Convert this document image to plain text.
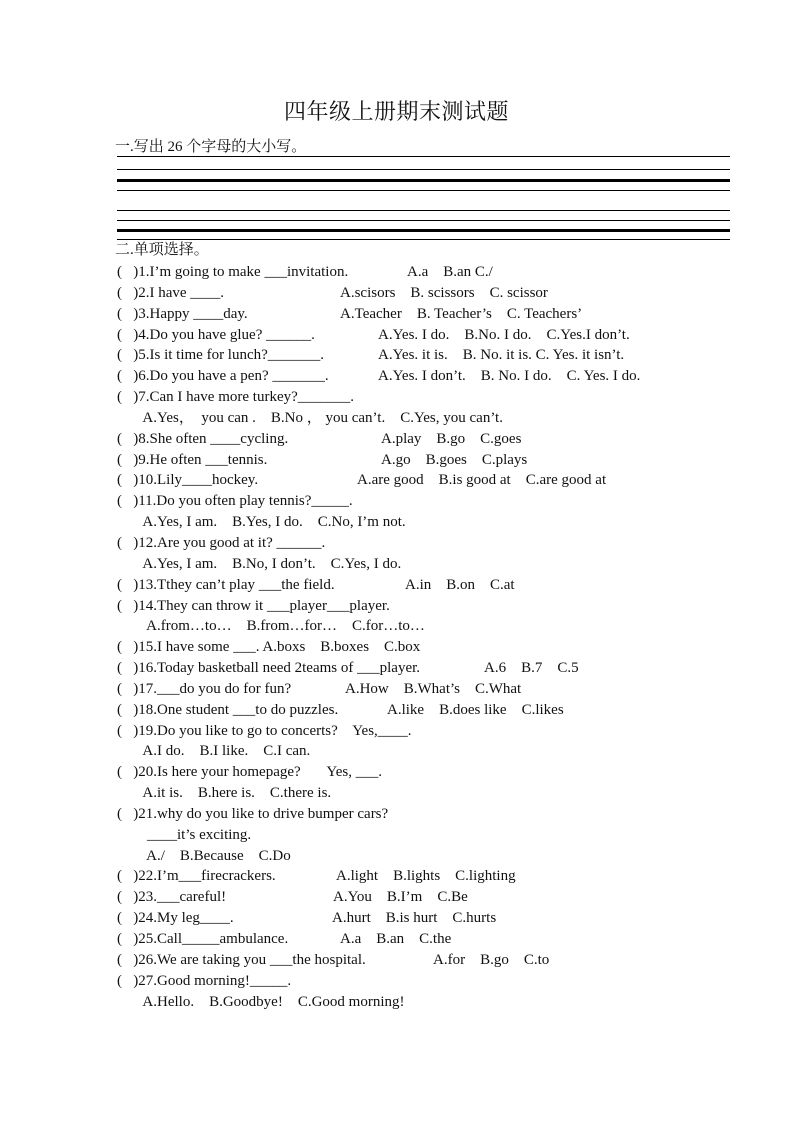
四年级上册期末测试题
一.写出 26 个字母的大小写。
二.单项选择。
(   )1.I’m going to make ___invitation.	A.a    B.an C./
(   )2.I have ____.	A.scisors    B. scissors    C. scissor
(   )3.Happy ____day.	A.Teacher    B. Teacher’s    C. Teachers’
(   )4.Do you have glue? ______.	A.Yes. I do.    B.No. I do.    C.Yes.I don’t.
(   )5.Is it time for lunch?_______.	A.Yes. it is.    B. No. it is. C. Yes. it isn’t.
(   )6.Do you have a pen? _______.	A.Yes. I don’t.    B. No. I do.    C. Yes. I do.
(   )7.Can I have more turkey?_______.
A.Yes，  you can .    B.No ， you can’t.    C.Yes, you can’t.
(   )8.She often ____cycling.	A.play    B.go    C.goes
(   )9.He often ___tennis.	A.go    B.goes    C.plays
(   )10.Lily____hockey.	A.are good    B.is good at    C.are good at
(   )11.Do you often play tennis?_____.
A.Yes, I am.    B.Yes, I do.    C.No, I’m not.
(   )12.Are you good at it? ______.
A.Yes, I am.    B.No, I don’t.    C.Yes, I do.
(   )13.Tthey can’t play ___the field.	A.in    B.on    C.at
(   )14.They can throw it ___player___player.
A.from…to…    B.from…for…    C.for…to…
(   )15.I have some ___. A.boxs    B.boxes    C.box
(   )16.Today basketball need 2teams of ___player.	A.6    B.7    C.5
(   )17.___do you do for fun?	A.How    B.What’s    C.What
(   )18.One student ___to do puzzles.	A.like    B.does like    C.likes
(   )19.Do you like to go to concerts?    Yes,____.
A.I do.    B.I like.    C.I can.
(   )20.Is here your homepage?       Yes, ___.
A.it is.    B.here is.    C.there is.
(   )21.why do you like to drive bumper cars?
____it’s exciting.
A./    B.Because    C.Do
(   )22.I’m___firecrackers.	A.light    B.lights    C.lighting
(   )23.___careful!	A.You    B.I’m    C.Be
(   )24.My leg____.	A.hurt    B.is hurt    C.hurts
(   )25.Call_____ambulance.	A.a    B.an    C.the
(   )26.We are taking you ___the hospital.	A.for    B.go    C.to
(   )27.Good morning!_____.
A.Hello.    B.Goodbye!    C.Good morning!
